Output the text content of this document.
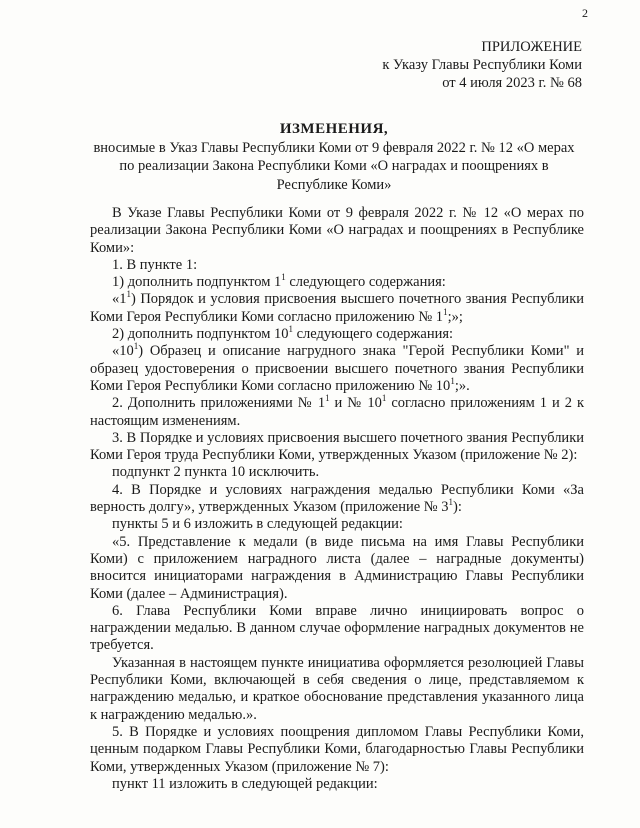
2
ПРИЛОЖЕНИЕ
к Указу Главы Республики Коми
от 4 июля 2023 г. № 68
ИЗМЕНЕНИЯ,
вносимые в Указ Главы Республики Коми от 9 февраля 2022 г. № 12 «О мерах
по реализации Закона Республики Коми «О наградах и поощрениях в
Республике Коми»

В Указе Главы Республики Коми от 9 февраля 2022 г. № 12 «О мерах по реализации Закона Республики Коми «О наградах и поощрениях в Республике Коми»:

1. В пункте 1:

1) дополнить подпунктом $1^1$ следующего содержания:

«$1^1$) Порядок и условия присвоения высшего почетного звания Республики Коми Героя Республики Коми согласно приложению № $1^1$;»;

2) дополнить подпунктом $10^1$ следующего содержания:

«$10^1$) Образец и описание нагрудного знака "Герой Республики Коми" и образец удостоверения о присвоении высшего почетного звания Республики Коми Героя Республики Коми согласно приложению № $10^1$;».

2. Дополнить приложениями № $1^1$ и № $10^1$ согласно приложениям 1 и 2 к настоящим изменениям.

3. В Порядке и условиях присвоения высшего почетного звания Республики Коми Героя труда Республики Коми, утвержденных Указом (приложение № 2):

подпункт 2 пункта 10 исключить.

4. В Порядке и условиях награждения медалью Республики Коми «За верность долгу», утвержденных Указом (приложение № $3^1$):

пункты 5 и 6 изложить в следующей редакции:

«5. Представление к медали (в виде письма на имя Главы Республики Коми) с приложением наградного листа (далее – наградные документы) вносится инициаторами награждения в Администрацию Главы Республики Коми (далее – Администрация).

6. Глава Республики Коми вправе лично инициировать вопрос о награждении медалью. В данном случае оформление наградных документов не требуется.

Указанная в настоящем пункте инициатива оформляется резолюцией Главы Республики Коми, включающей в себя сведения о лице, представляемом к награждению медалью, и краткое обоснование представления указанного лица к награждению медалью.».

5. В Порядке и условиях поощрения дипломом Главы Республики Коми, ценным подарком Главы Республики Коми, благодарностью Главы Республики Коми, утвержденных Указом (приложение № 7):

пункт 11 изложить в следующей редакции:
